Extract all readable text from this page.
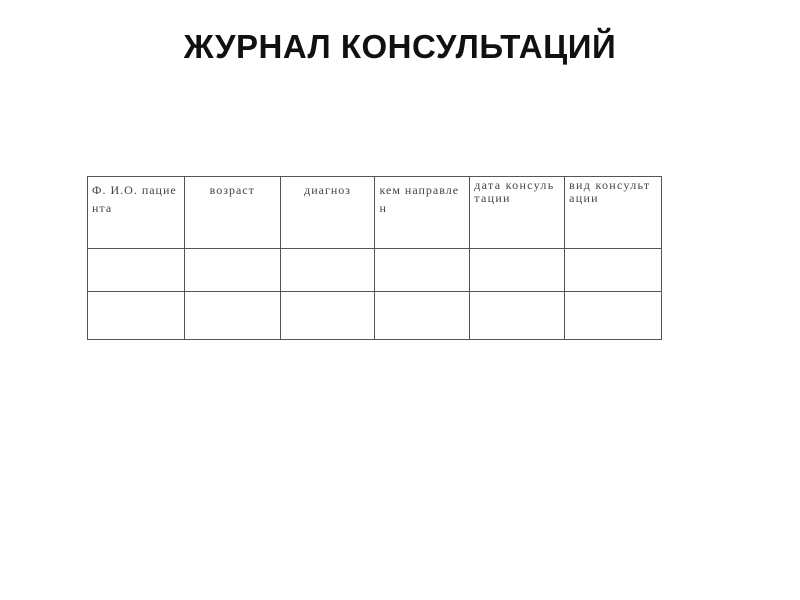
ЖУРНАЛ КОНСУЛЬТАЦИЙ
Ф. И.О. пациента	возраст	диагноз	кем направлен	дата консультации	вид консультации
